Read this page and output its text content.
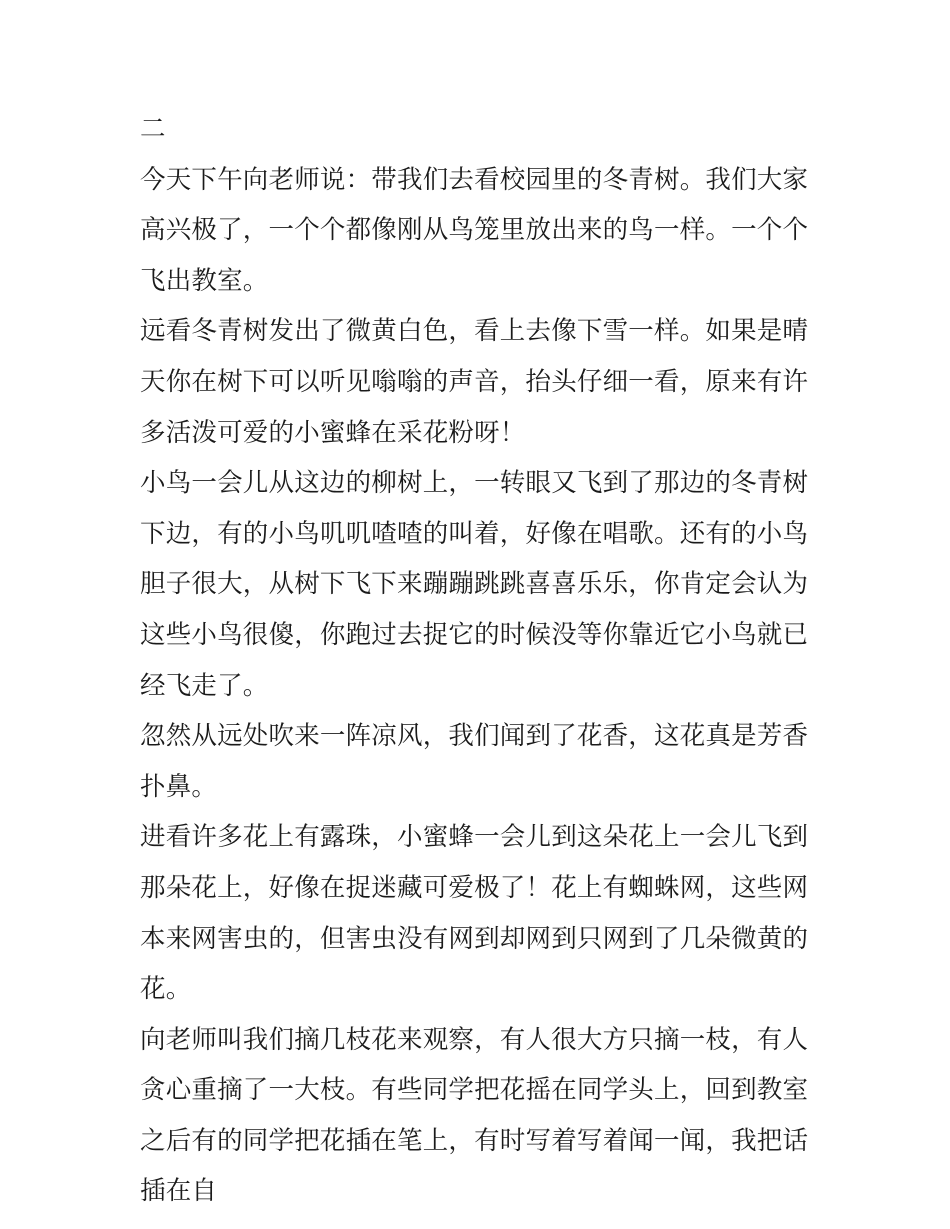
二

今天下午向老师说：带我们去看校园里的冬青树。我们大家高兴极了，一个个都像刚从鸟笼里放出来的鸟一样。一个个飞出教室。

远看冬青树发出了微黄白色，看上去像下雪一样。如果是晴天你在树下可以听见嗡嗡的声音，抬头仔细一看，原来有许多活泼可爱的小蜜蜂在采花粉呀！

小鸟一会儿从这边的柳树上，一转眼又飞到了那边的冬青树下边，有的小鸟叽叽喳喳的叫着，好像在唱歌。还有的小鸟胆子很大，从树下飞下来蹦蹦跳跳喜喜乐乐，你肯定会认为这些小鸟很傻，你跑过去捉它的时候没等你靠近它小鸟就已经飞走了。

忽然从远处吹来一阵凉风，我们闻到了花香，这花真是芳香扑鼻。

进看许多花上有露珠，小蜜蜂一会儿到这朵花上一会儿飞到那朵花上，好像在捉迷藏可爱极了！花上有蜘蛛网，这些网本来网害虫的，但害虫没有网到却网到只网到了几朵微黄的花。

向老师叫我们摘几枝花来观察，有人很大方只摘一枝，有人贪心重摘了一大枝。有些同学把花摇在同学头上，回到教室之后有的同学把花插在笔上，有时写着写着闻一闻，我把话插在自
